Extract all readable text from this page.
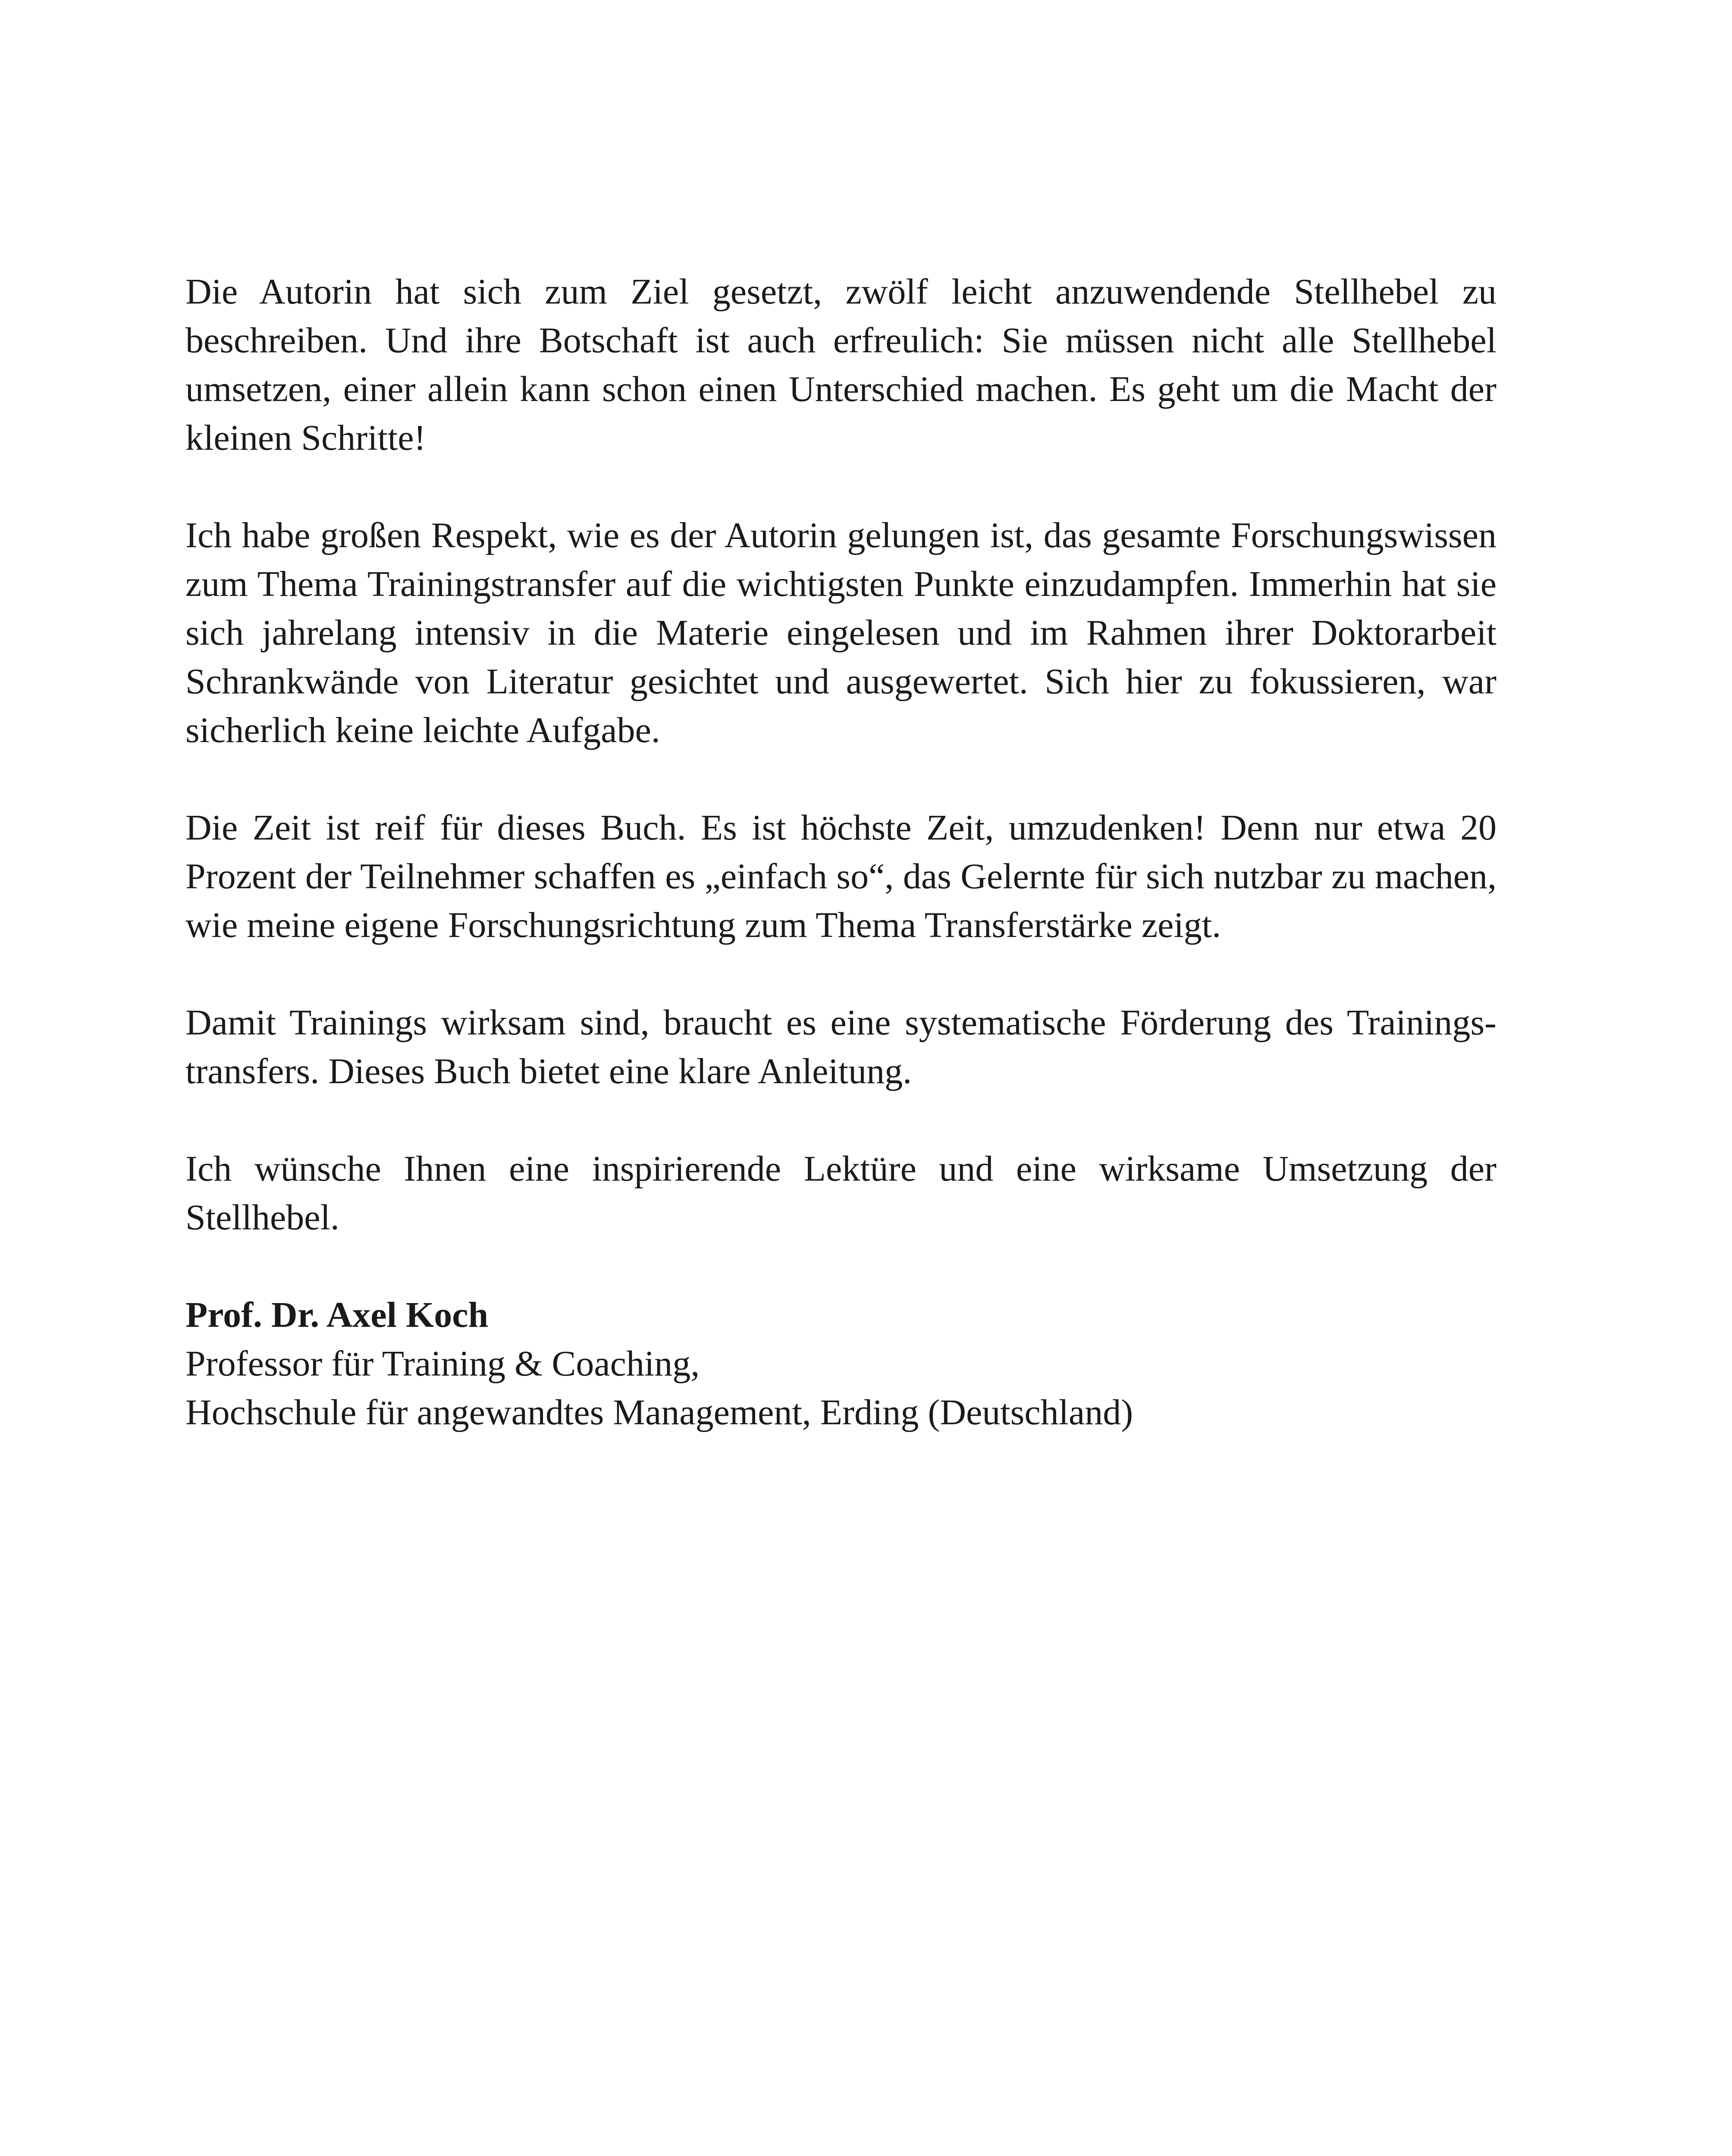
Die Autorin hat sich zum Ziel gesetzt, zwölf leicht anzuwendende Stellhebel zu beschreiben. Und ihre Botschaft ist auch erfreulich: Sie müssen nicht alle Stellhebel umsetzen, einer allein kann schon einen Unterschied machen. Es geht um die Macht der kleinen Schritte!

Ich habe großen Respekt, wie es der Autorin gelungen ist, das gesamte Forschungswissen zum Thema Trainingstransfer auf die wichtigsten Punkte einzudampfen. Immerhin hat sie sich jahrelang intensiv in die Materie eingelesen und im Rahmen ihrer Doktorarbeit Schrankwände von Literatur gesichtet und ausgewertet. Sich hier zu fokussieren, war sicherlich keine leichte Aufgabe.

Die Zeit ist reif für dieses Buch. Es ist höchste Zeit, umzudenken! Denn nur etwa 20 Prozent der Teilnehmer schaffen es „einfach so“, das Gelernte für sich nutzbar zu machen, wie meine eigene Forschungsrichtung zum Thema Transferstärke zeigt.

Damit Trainings wirksam sind, braucht es eine systematische Förderung des Trainingstransfers. Dieses Buch bietet eine klare Anleitung.

Ich wünsche Ihnen eine inspirierende Lektüre und eine wirksame Umsetzung der Stellhebel.

Prof. Dr. Axel Koch
Professor für Training & Coaching,
Hochschule für angewandtes Management, Erding (Deutschland)
